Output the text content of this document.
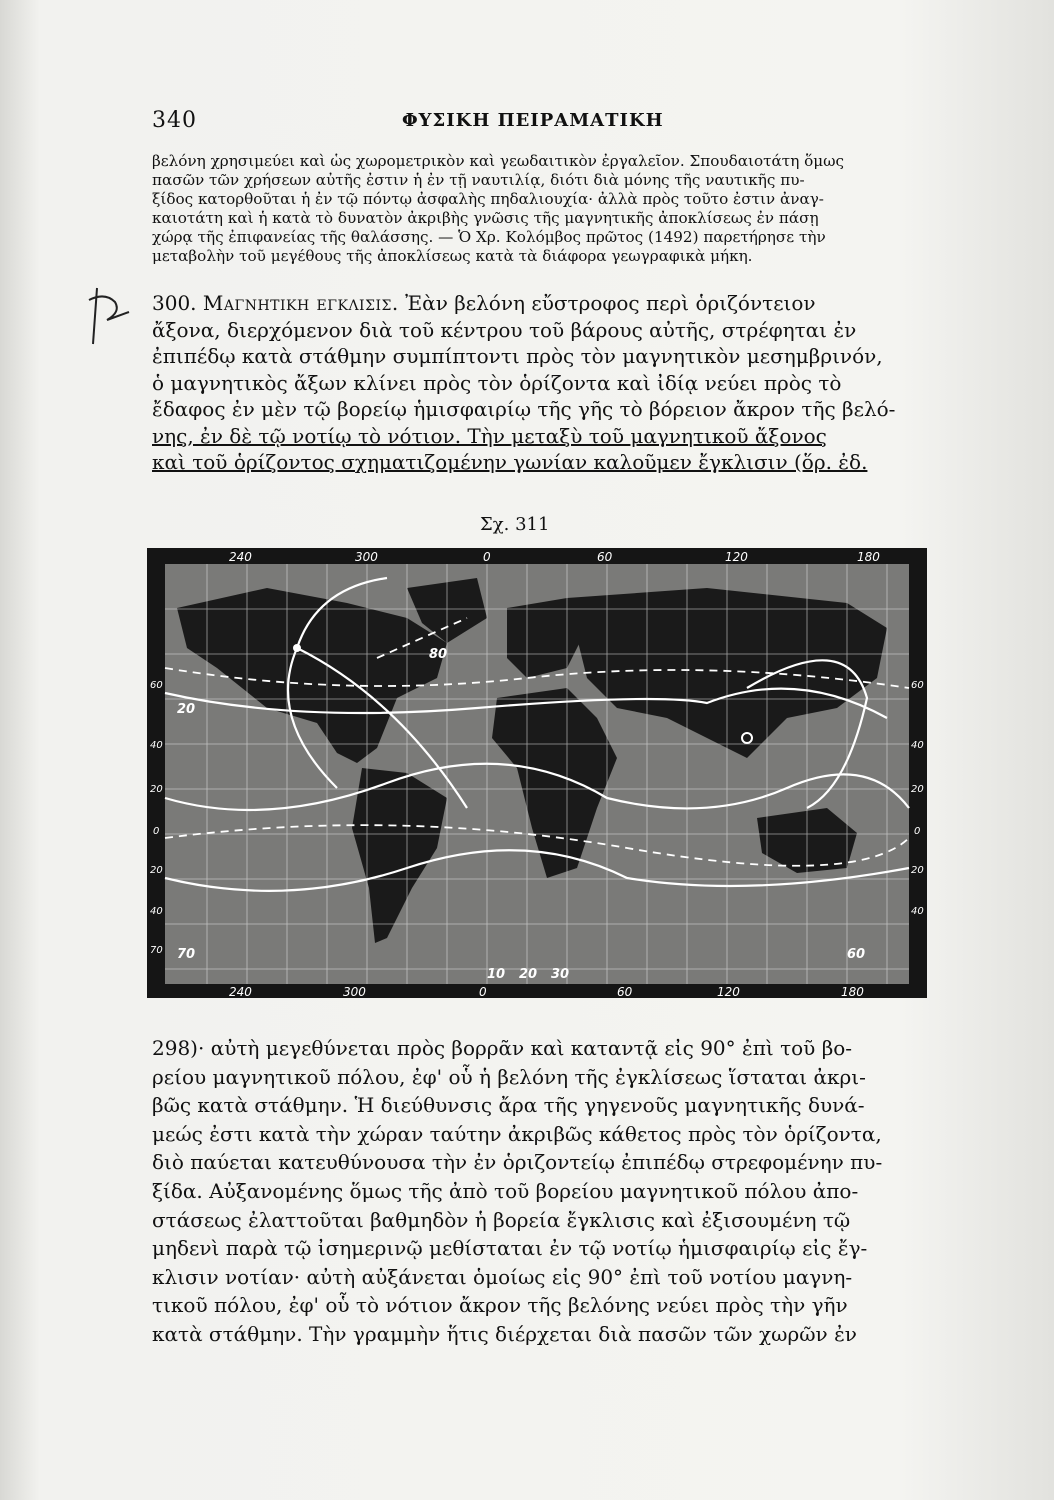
340	ΦΥΣΙΚΗ ΠΕΙΡΑΜΑΤΙΚΗ
βελόνη χρησιμεύει καὶ ὡς χωρομετρικὸν καὶ γεωδαιτικὸν ἐργαλεῖον. Σπουδαιοτάτη ὅμως
πασῶν τῶν χρήσεων αὐτῆς ἐστιν ἡ ἐν τῇ ναυτιλίᾳ, διότι διὰ μόνης τῆς ναυτικῆς πυ-
ξίδος κατορθοῦται ἡ ἐν τῷ πόντῳ ἀσφαλὴς πηδαλιουχία· ἀλλὰ πρὸς τοῦτο ἐστιν ἀναγ-
καιοτάτη καὶ ἡ κατὰ τὸ δυνατὸν ἀκριβὴς γνῶσις τῆς μαγνητικῆς ἀποκλίσεως ἐν πάσῃ
χώρᾳ τῆς ἐπιφανείας τῆς θαλάσσης. — Ὁ Χρ. Κολόμβος πρῶτος (1492) παρετήρησε τὴν
μεταβολὴν τοῦ μεγέθους τῆς ἀποκλίσεως κατὰ τὰ διάφορα γεωγραφικὰ μήκη.
300. Μαγνητικη εγκλισις. Ἐὰν βελόνη εὔστροφος περὶ ὁριζόντειον
ἄξονα, διερχόμενον διὰ τοῦ κέντρου τοῦ βάρους αὐτῆς, στρέφηται ἐν
ἐπιπέδῳ κατὰ στάθμην συμπίπτοντι πρὸς τὸν μαγνητικὸν μεσημβρινόν,
ὁ μαγνητικὸς ἄξων κλίνει πρὸς τὸν ὁρίζοντα καὶ ἰδίᾳ νεύει πρὸς τὸ
ἔδαφος ἐν μὲν τῷ βορείῳ ἡμισφαιρίῳ τῆς γῆς τὸ βόρειον ἄκρον τῆς βελό-
νης, ἐν δὲ τῷ νοτίῳ τὸ νότιον. Τὴν μεταξὺ τοῦ μαγνητικοῦ ἄξονος
καὶ τοῦ ὁρίζοντος σχηματιζομένην γωνίαν καλοῦμεν ἔγκλισιν (ὅρ. ἐδ.
Σχ. 311
240	300	0	60	120	180
240	300	0	60	120	180
60
40
20
0
20
40
70
60
40
20
0
20
40
80
20
70	60
10 20 30
298)· αὐτὴ μεγεθύνεται πρὸς βορρᾶν καὶ καταντᾷ εἰς 90° ἐπὶ τοῦ βο-
ρείου μαγνητικοῦ πόλου, ἐφ' οὗ ἡ βελόνη τῆς ἐγκλίσεως ἵσταται ἀκρι-
βῶς κατὰ στάθμην. Ἡ διεύθυνσις ἄρα τῆς γηγενοῦς μαγνητικῆς δυνά-
μεώς ἐστι κατὰ τὴν χώραν ταύτην ἀκριβῶς κάθετος πρὸς τὸν ὁρίζοντα,
διὸ παύεται κατευθύνουσα τὴν ἐν ὁριζοντείῳ ἐπιπέδῳ στρεφομένην πυ-
ξίδα. Αὐξανομένης ὅμως τῆς ἀπὸ τοῦ βορείου μαγνητικοῦ πόλου ἀπο-
στάσεως ἐλαττοῦται βαθμηδὸν ἡ βορεία ἔγκλισις καὶ ἐξισουμένη τῷ
μηδενὶ παρὰ τῷ ἰσημερινῷ μεθίσταται ἐν τῷ νοτίῳ ἡμισφαιρίῳ εἰς ἔγ-
κλισιν νοτίαν· αὐτὴ αὐξάνεται ὁμοίως εἰς 90° ἐπὶ τοῦ νοτίου μαγνη-
τικοῦ πόλου, ἐφ' οὗ τὸ νότιον ἄκρον τῆς βελόνης νεύει πρὸς τὴν γῆν
κατὰ στάθμην. Τὴν γραμμὴν ἥτις διέρχεται διὰ πασῶν τῶν χωρῶν ἐν
